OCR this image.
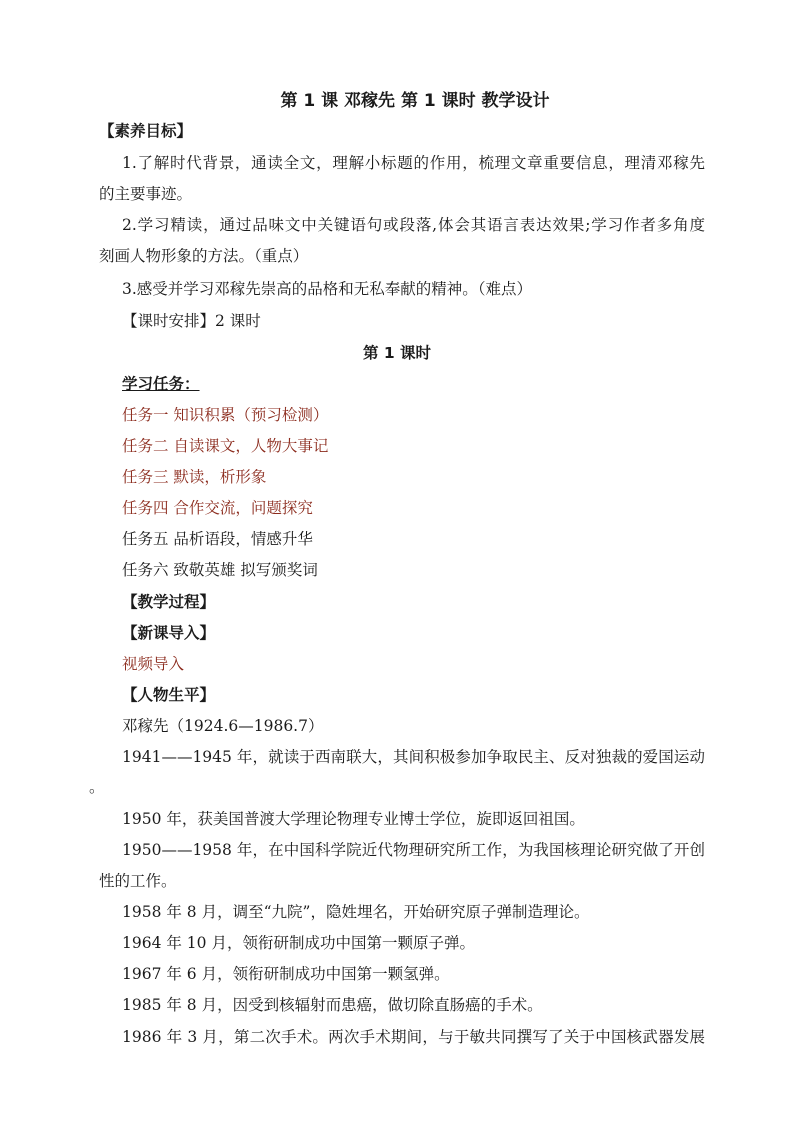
第 1 课 邓稼先 第 1 课时 教学设计
【素养目标】
1.了解时代背景，通读全文，理解小标题的作用，梳理文章重要信息，理清邓稼先
的主要事迹。
2.学习精读，通过品味文中关键语句或段落,体会其语言表达效果;学习作者多角度
刻画人物形象的方法。（重点）
3.感受并学习邓稼先崇高的品格和无私奉献的精神。（难点）
【课时安排】2 课时
第 1 课时
学习任务：
任务一 知识积累（预习检测）
任务二 自读课文，人物大事记
任务三 默读，析形象
任务四 合作交流，问题探究
任务五 品析语段，情感升华
任务六 致敬英雄 拟写颁奖词
【教学过程】
【新课导入】
视频导入
【人物生平】
邓稼先（1924.6—1986.7）
1941——1945 年，就读于西南联大，其间积极参加争取民主、反对独裁的爱国运动
。
1950 年，获美国普渡大学理论物理专业博士学位，旋即返回祖国。
1950——1958 年，在中国科学院近代物理研究所工作，为我国核理论研究做了开创
性的工作。
1958 年 8 月，调至“九院”，隐姓埋名，开始研究原子弹制造理论。
1964 年 10 月，领衔研制成功中国第一颗原子弹。
1967 年 6 月，领衔研制成功中国第一颗氢弹。
1985 年 8 月，因受到核辐射而患癌，做切除直肠癌的手术。
1986 年 3 月，第二次手术。两次手术期间，与于敏共同撰写了关于中国核武器发展
